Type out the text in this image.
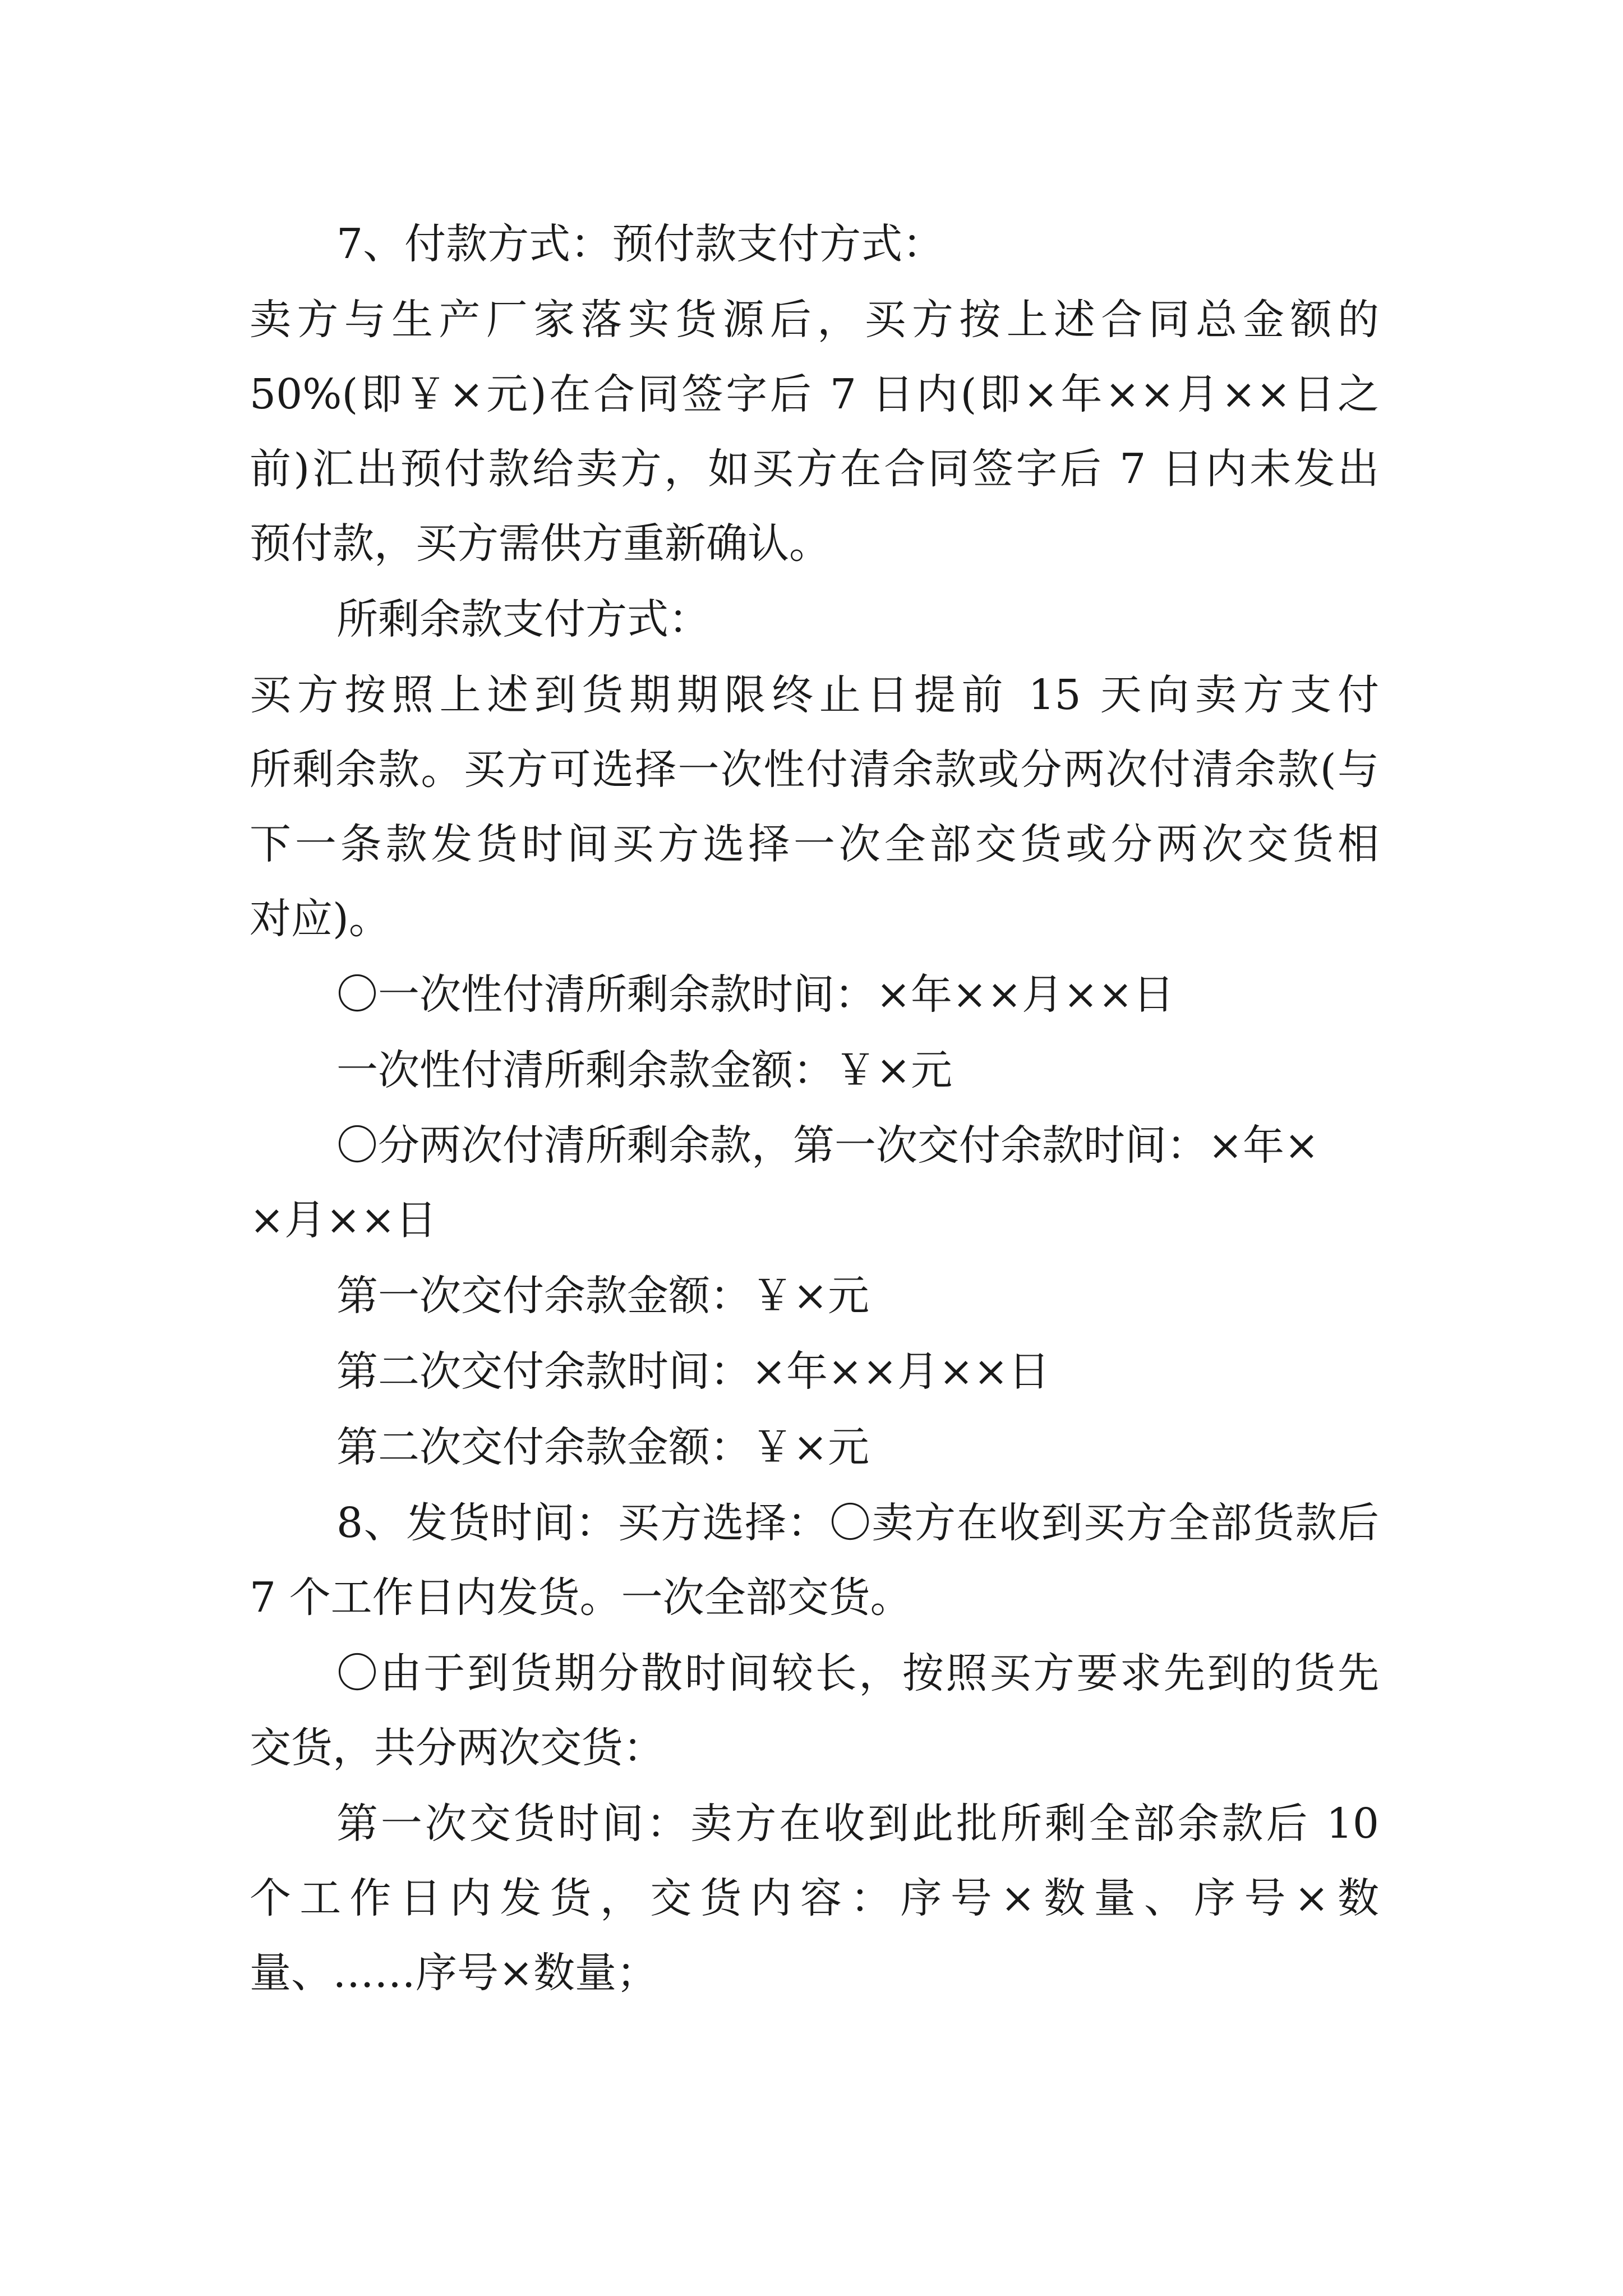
7、付款方式：预付款支付方式：

卖方与生产厂家落实货源后，买方按上述合同总金额的

50%(即￥×元)在合同签字后 7 日内(即×年××月××日之

前)汇出预付款给卖方，如买方在合同签字后 7 日内未发出

预付款，买方需供方重新确认。

所剩余款支付方式：

买方按照上述到货期期限终止日提前 15 天向卖方支付

所剩余款。买方可选择一次性付清余款或分两次付清余款(与

下一条款发货时间买方选择一次全部交货或分两次交货相

对应)。

〇一次性付清所剩余款时间：×年××月××日

一次性付清所剩余款金额：￥×元

〇分两次付清所剩余款，第一次交付余款时间：×年×

×月××日

第一次交付余款金额：￥×元

第二次交付余款时间：×年××月××日

第二次交付余款金额：￥×元

8、发货时间：买方选择：〇卖方在收到买方全部货款后

7 个工作日内发货。一次全部交货。

〇由于到货期分散时间较长，按照买方要求先到的货先

交货，共分两次交货：

第一次交货时间：卖方在收到此批所剩全部余款后 10

个工作日内发货，交货内容：序号×数量、序号×数

量、……序号×数量；
